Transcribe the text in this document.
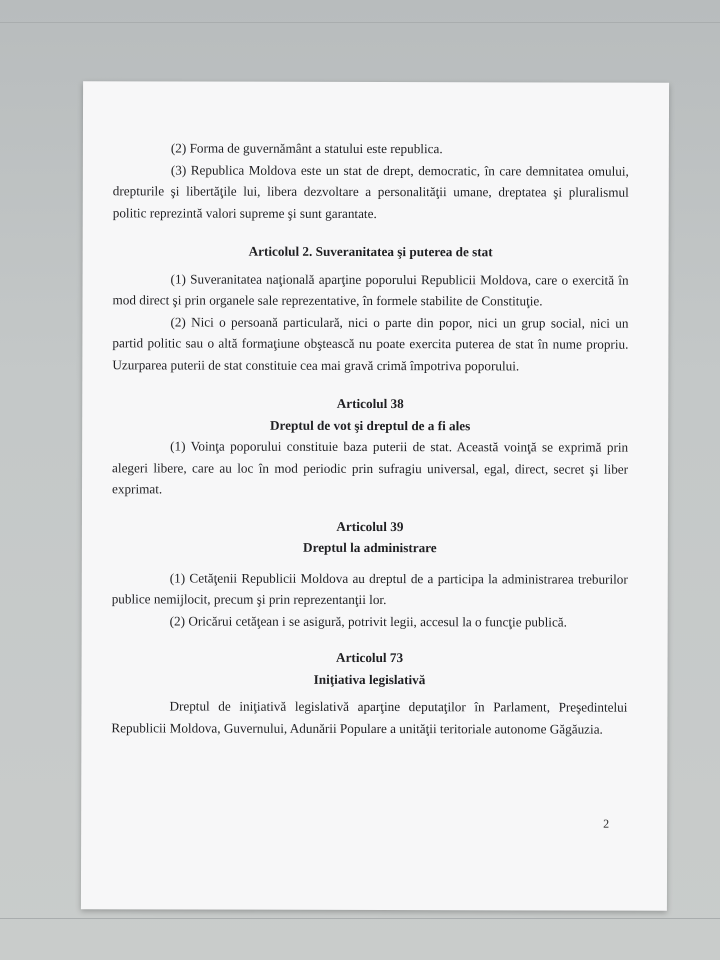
(2) Forma de guvernământ a statului este republica.

(3) Republica Moldova este un stat de drept, democratic, în care demnitatea omului, drepturile şi libertăţile lui, libera dezvoltare a personalităţii umane, dreptatea şi pluralismul politic reprezintă valori supreme şi sunt garantate.

Articolul 2. Suveranitatea şi puterea de stat

(1) Suveranitatea naţională aparţine poporului Republicii Moldova, care o exercită în mod direct şi prin organele sale reprezentative, în formele stabilite de Constituţie.

(2) Nici o persoană particulară, nici o parte din popor, nici un grup social, nici un partid politic sau o altă formaţiune obştească nu poate exercita puterea de stat în nume propriu. Uzurparea puterii de stat constituie cea mai gravă crimă împotriva poporului.

Articolul 38

Dreptul de vot şi dreptul de a fi ales

(1) Voinţa poporului constituie baza puterii de stat. Această voinţă se exprimă prin alegeri libere, care au loc în mod periodic prin sufragiu universal, egal, direct, secret şi liber exprimat.

Articolul 39

Dreptul la administrare

(1) Cetăţenii Republicii Moldova au dreptul de a participa la administrarea treburilor publice nemijlocit, precum şi prin reprezentanţii lor.

(2) Oricărui cetăţean i se asigură, potrivit legii, accesul la o funcţie publică.

Articolul 73

Iniţiativa legislativă

Dreptul de iniţiativă legislativă aparţine deputaţilor în Parlament, Preşedintelui Republicii Moldova, Guvernului, Adunării Populare a unităţii teritoriale autonome Găgăuzia.

2
